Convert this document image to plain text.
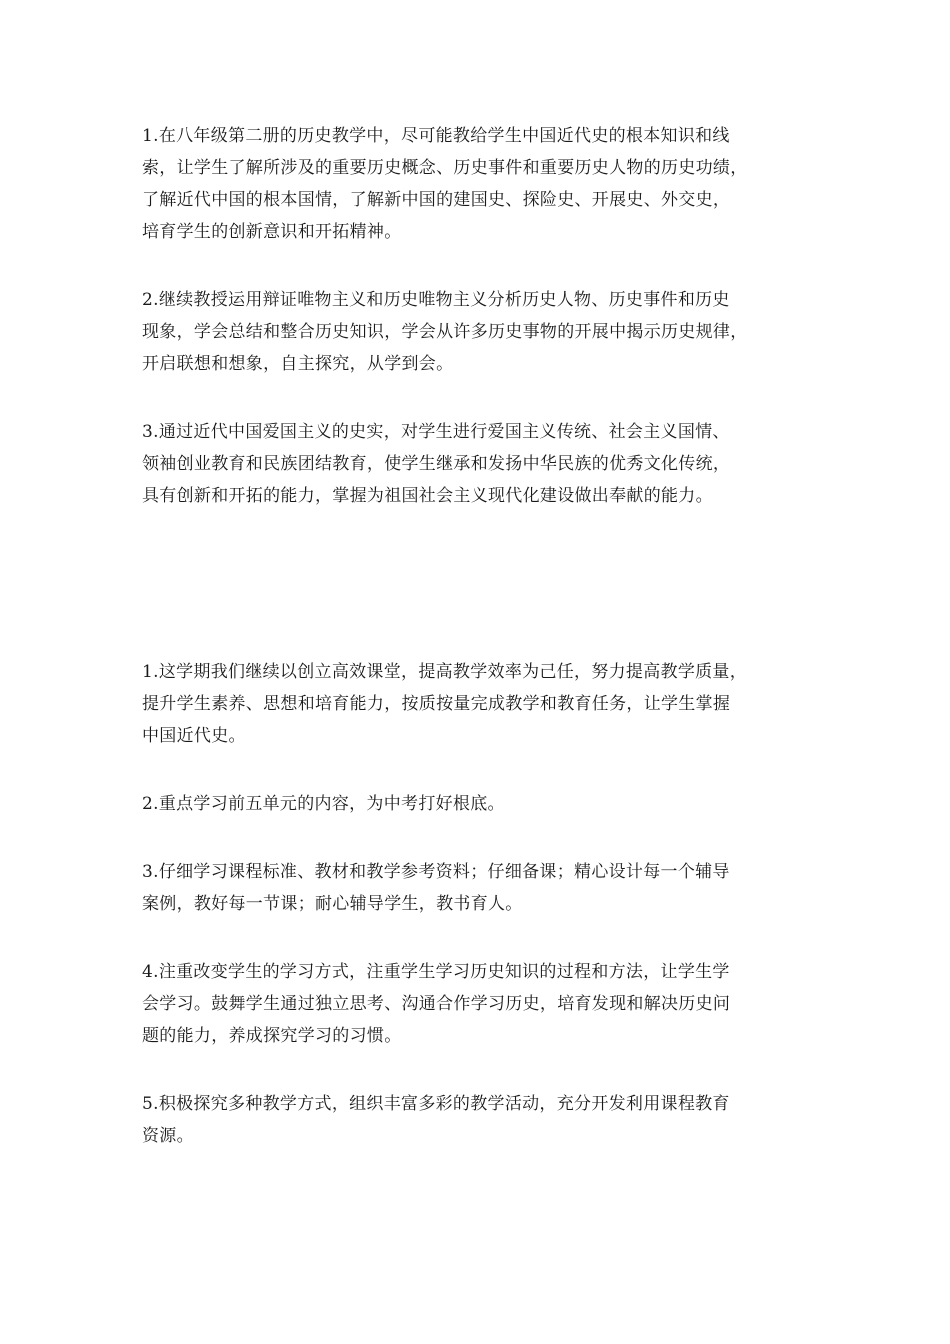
1.在八年级第二册的历史教学中，尽可能教给学生中国近代史的根本知识和线
索，让学生了解所涉及的重要历史概念、历史事件和重要历史人物的历史功绩，
了解近代中国的根本国情，了解新中国的建国史、探险史、开展史、外交史，
培育学生的创新意识和开拓精神。

2.继续教授运用辩证唯物主义和历史唯物主义分析历史人物、历史事件和历史
现象，学会总结和整合历史知识，学会从许多历史事物的开展中揭示历史规律，
开启联想和想象，自主探究，从学到会。

3.通过近代中国爱国主义的史实，对学生进行爱国主义传统、社会主义国情、
领袖创业教育和民族团结教育，使学生继承和发扬中华民族的优秀文化传统，
具有创新和开拓的能力，掌握为祖国社会主义现代化建设做出奉献的能力。

1.这学期我们继续以创立高效课堂，提高教学效率为己任，努力提高教学质量，
提升学生素养、思想和培育能力，按质按量完成教学和教育任务，让学生掌握
中国近代史。

2.重点学习前五单元的内容，为中考打好根底。

3.仔细学习课程标准、教材和教学参考资料；仔细备课；精心设计每一个辅导
案例，教好每一节课；耐心辅导学生，教书育人。

4.注重改变学生的学习方式，注重学生学习历史知识的过程和方法，让学生学
会学习。鼓舞学生通过独立思考、沟通合作学习历史，培育发现和解决历史问
题的能力，养成探究学习的习惯。

5.积极探究多种教学方式，组织丰富多彩的教学活动，充分开发利用课程教育
资源。
